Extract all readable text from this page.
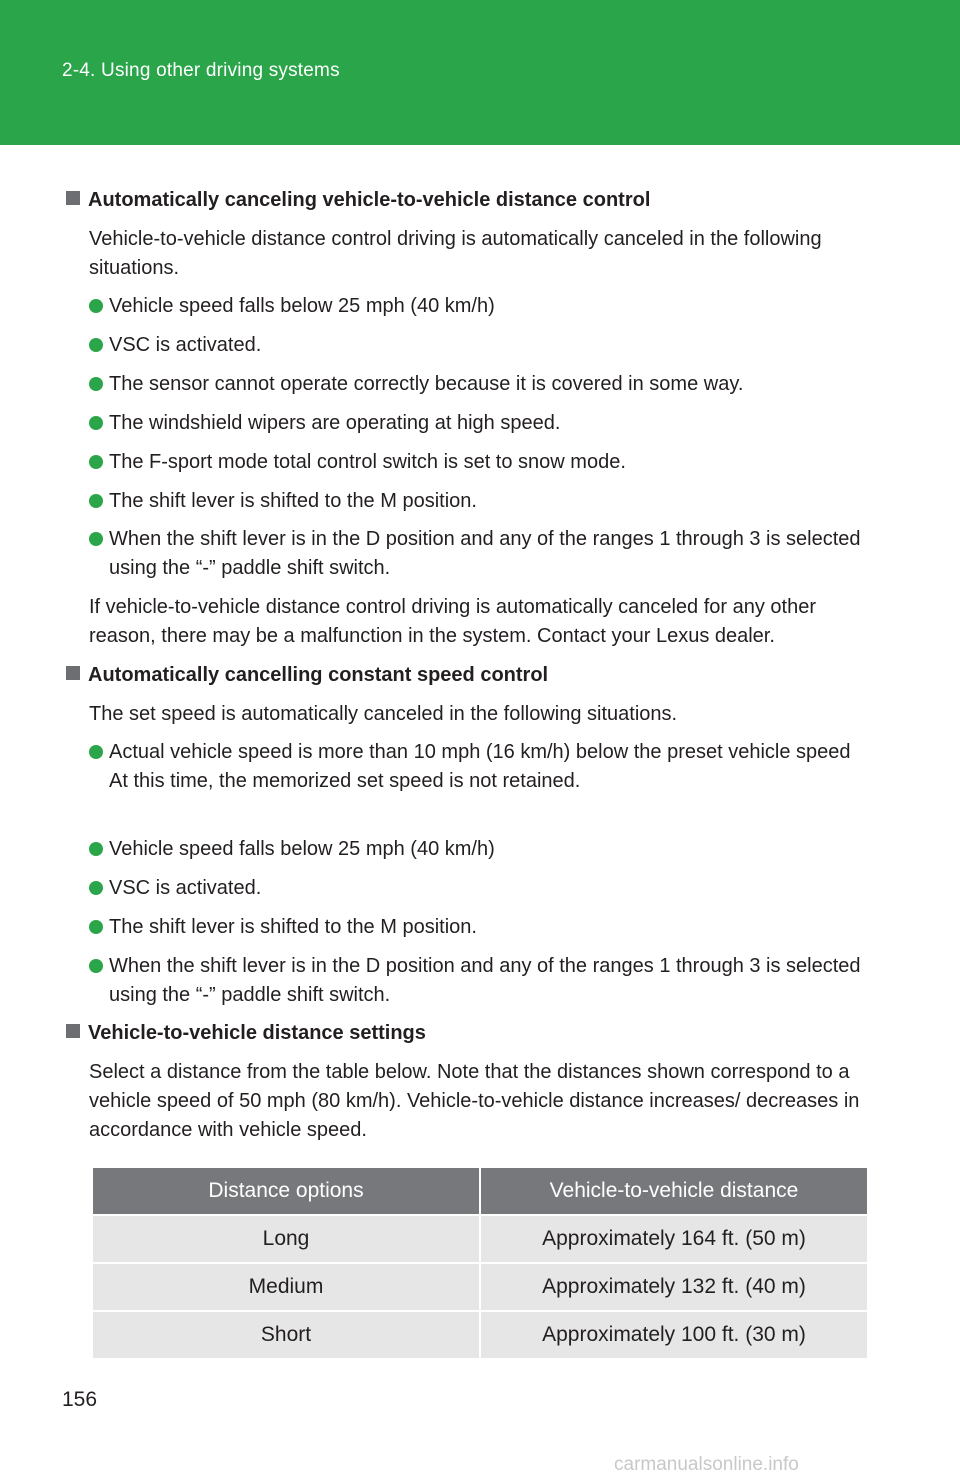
2-4. Using other driving systems
Automatically canceling vehicle-to-vehicle distance control
Vehicle-to-vehicle distance control driving is automatically canceled in the following situations.
Vehicle speed falls below 25 mph (40 km/h)
VSC is activated.
The sensor cannot operate correctly because it is covered in some way.
The windshield wipers are operating at high speed.
The F-sport mode total control switch is set to snow mode.
The shift lever is shifted to the M position.
When the shift lever is in the D position and any of the ranges 1 through 3 is selected using the “-” paddle shift switch.
If vehicle-to-vehicle distance control driving is automatically canceled for any other reason, there may be a malfunction in the system. Contact your Lexus dealer.
Automatically cancelling constant speed control
The set speed is automatically canceled in the following situations.
Actual vehicle speed is more than 10 mph (16 km/h) below the preset vehicle speed
At this time, the memorized set speed is not retained.
Vehicle speed falls below 25 mph (40 km/h)
VSC is activated.
The shift lever is shifted to the M position.
When the shift lever is in the D position and any of the ranges 1 through 3 is selected using the “-” paddle shift switch.
Vehicle-to-vehicle distance settings
Select a distance from the table below. Note that the distances shown correspond to a vehicle speed of 50 mph (80 km/h). Vehicle-to-vehicle distance increases/ decreases in accordance with vehicle speed.
Distance options	Vehicle-to-vehicle distance
Long	Approximately 164 ft. (50 m)
Medium	Approximately 132 ft. (40 m)
Short	Approximately 100 ft. (30 m)
156
carmanualsonline.info
